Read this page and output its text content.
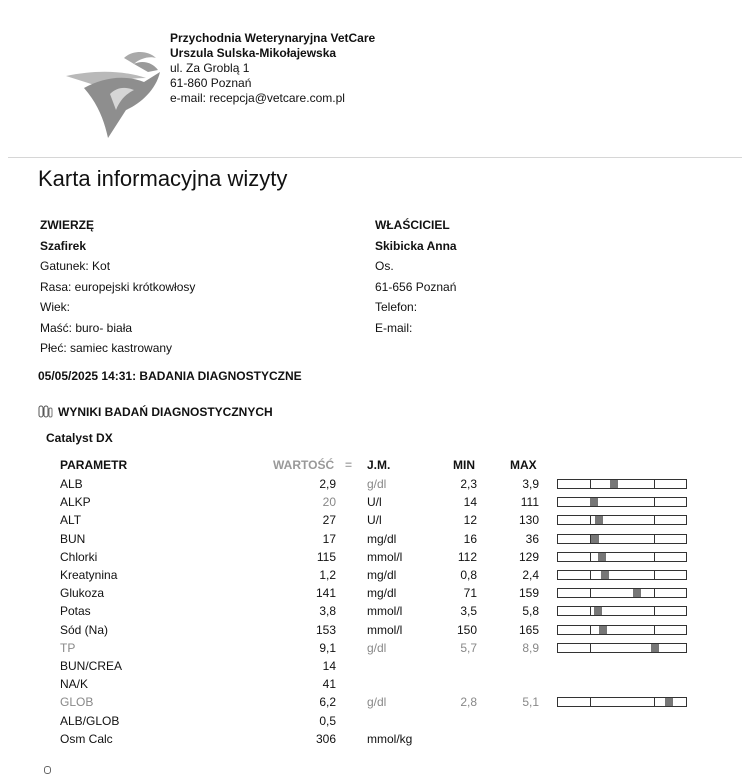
Przychodnia Weterynaryjna VetCare
Urszula Sulska-Mikołajewska
ul. Za Groblą 1
61-860 Poznań
e-mail: recepcja@vetcare.com.pl
Karta informacyjna wizyty
ZWIERZĘ
Szafirek
Gatunek: Kot
Rasa: europejski krótkowłosy
Wiek:
Maść: buro- biała
Płeć: samiec kastrowany
WŁAŚCICIEL
Skibicka Anna
Os.
61-656 Poznań
Telefon:
E-mail:
05/05/2025 14:31: BADANIA DIAGNOSTYCZNE
WYNIKI BADAŃ DIAGNOSTYCZNYCH
Catalyst DX
PARAMETR	WARTOŚĆ = J.M.	MIN	MAX
ALB	2,9	g/dl	2,3	3,9
ALKP	20	U/l	14	111
ALT	27	U/l	12	130
BUN	17	mg/dl	16	36
Chlorki	115	mmol/l	112	129
Kreatynina	1,2	mg/dl	0,8	2,4
Glukoza	141	mg/dl	71	159
Potas	3,8	mmol/l	3,5	5,8
Sód (Na)	153	mmol/l	150	165
TP	9,1	g/dl	5,7	8,9
BUN/CREA	14
NA/K	41
GLOB	6,2	g/dl	2,8	5,1
ALB/GLOB	0,5
Osm Calc	306	mmol/kg
